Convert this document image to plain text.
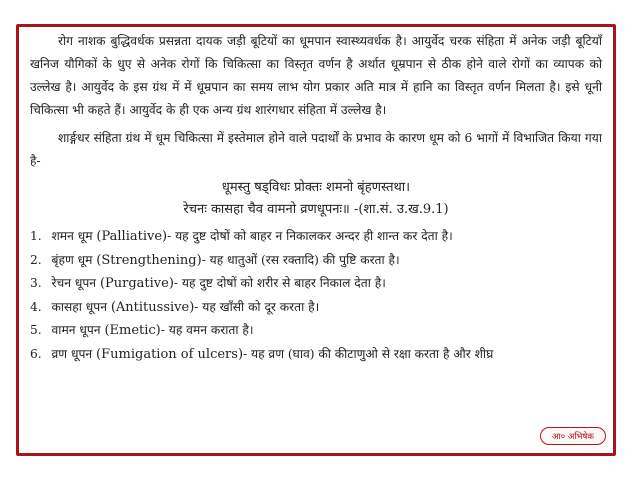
रोग नाशक बुद्धिवर्धक प्रसन्नता दायक जड़ी बूटियों का धूमपान स्वास्थ्यवर्धक है। आयुर्वेद चरक संहिता में अनेक जड़ी बूटियाँ खनिज यौगिकों के धुए से अनेक रोगों कि चिकित्सा का विस्तृत वर्णन है अर्थात धूम्रपान से ठीक होने वाले रोगों का व्यापक को उल्लेख है। आयुर्वेद के इस ग्रंथ में में धूम्रपान का समय लाभ योग प्रकार अति मात्र में हानि का विस्तृत वर्णन मिलता है। इसे धूनी चिकित्सा भी कहते हैं। आयुर्वेद के ही एक अन्य ग्रंथ शारंगधार संहिता में उल्लेख है।

शार्ङ्गधर संहिता ग्रंथ में धूम चिकित्सा में इस्तेमाल होने वाले पदार्थों के प्रभाव के कारण धूम को 6 भागों में विभाजित किया गया है-

धूमस्तु षड्विधः प्रोक्तः शमनो बृंहणस्तथा।
रेचनः कासहा चैव वामनो व्रणधूपनः॥ -(शा.सं. उ.ख.9.1)
1. शमन धूम (Palliative)- यह दुष्ट दोषों को बाहर न निकालकर अन्दर ही शान्त कर देता है।
2. बृंहण धूम (Strengthening)- यह धातुओं (रस रक्तादि) की पुष्टि करता है।
3. रेचन धूपन (Purgative)- यह दुष्ट दोषों को शरीर से बाहर निकाल देता है।
4. कासहा धूपन (Antitussive)- यह खाँसी को दूर करता है।
5. वामन धूपन (Emetic)- यह वमन कराता है।
6. व्रण धूपन (Fumigation of ulcers)- यह व्रण (घाव) की कीटाणुओ से रक्षा करता है और शीघ्र
आ० अभिषेक
